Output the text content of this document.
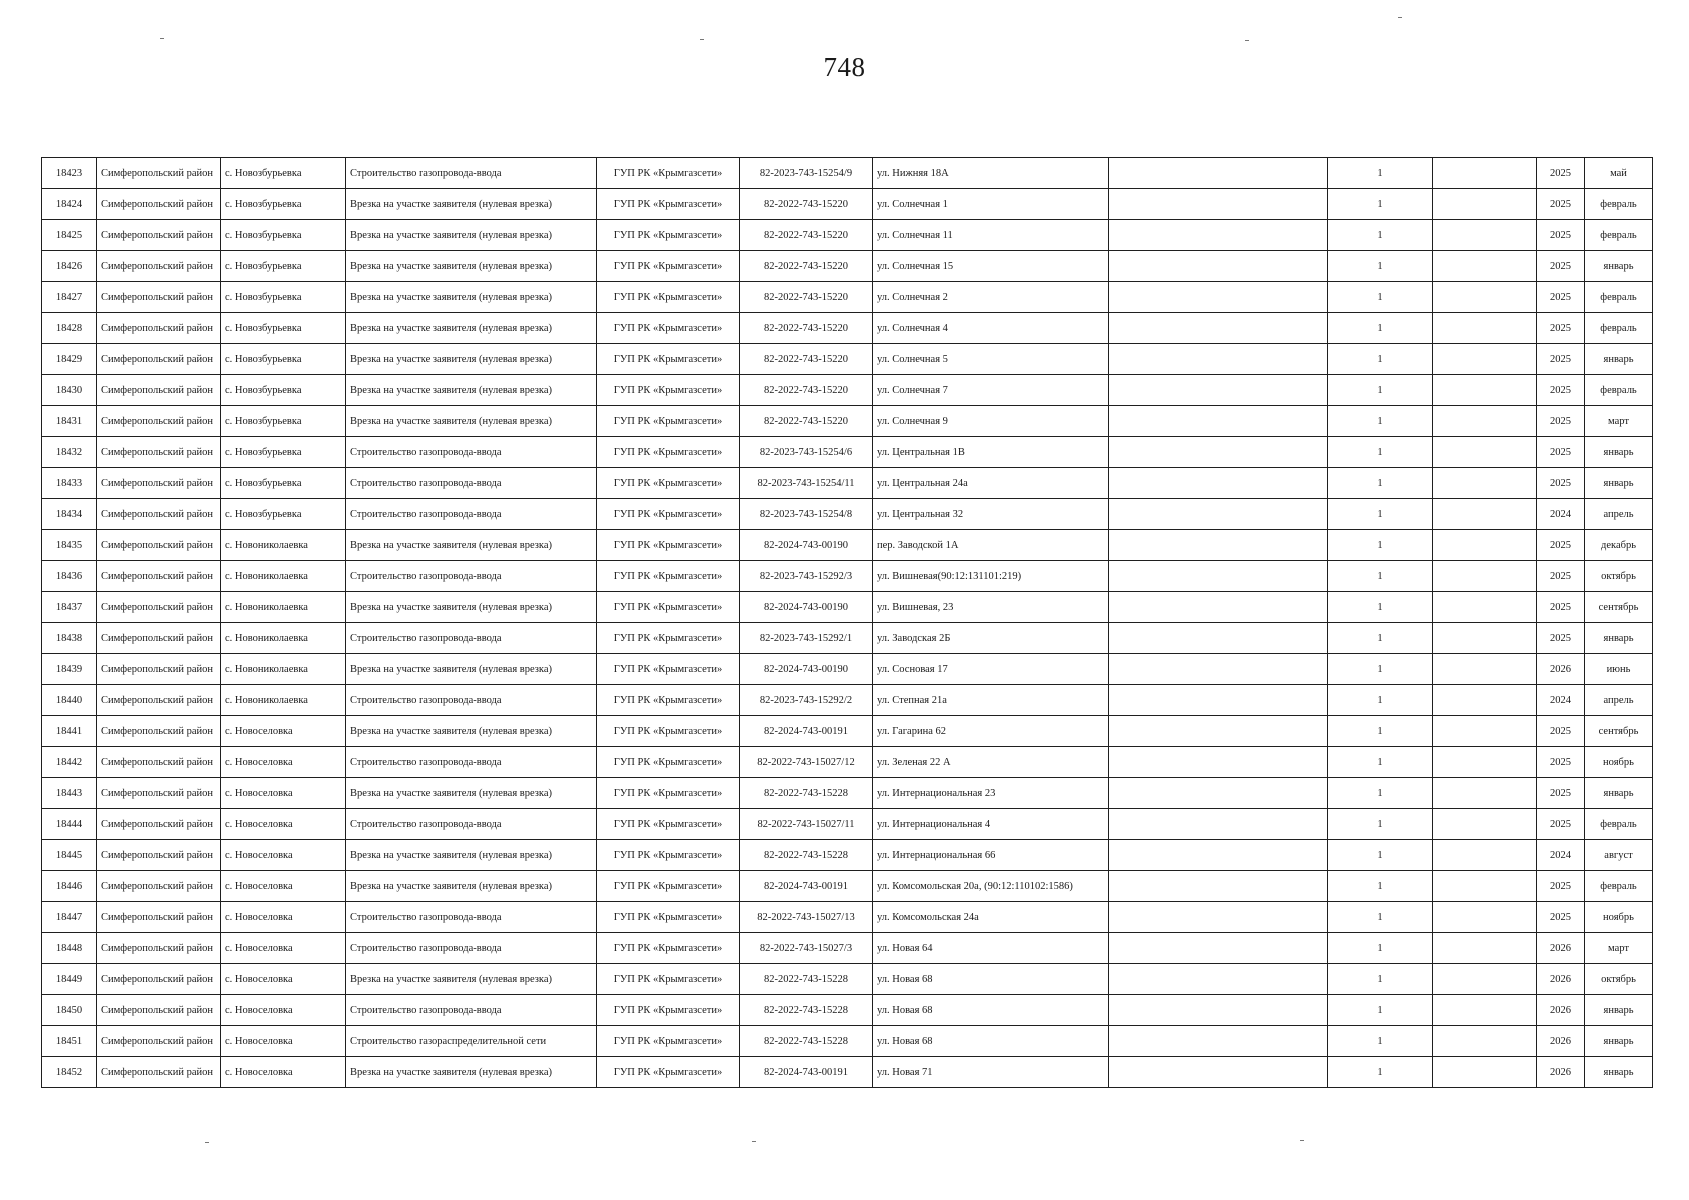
748
18423	Симферопольский район	с. Новозбурьевка	Строительство газопровода-ввода	ГУП РК «Крымгазсети»	82-2023-743-15254/9	ул. Нижняя 18А		1		2025	май
18424	Симферопольский район	с. Новозбурьевка	Врезка на участке заявителя (нулевая врезка)	ГУП РК «Крымгазсети»	82-2022-743-15220	ул. Солнечная 1		1		2025	февраль
18425	Симферопольский район	с. Новозбурьевка	Врезка на участке заявителя (нулевая врезка)	ГУП РК «Крымгазсети»	82-2022-743-15220	ул. Солнечная 11		1		2025	февраль
18426	Симферопольский район	с. Новозбурьевка	Врезка на участке заявителя (нулевая врезка)	ГУП РК «Крымгазсети»	82-2022-743-15220	ул. Солнечная 15		1		2025	январь
18427	Симферопольский район	с. Новозбурьевка	Врезка на участке заявителя (нулевая врезка)	ГУП РК «Крымгазсети»	82-2022-743-15220	ул. Солнечная 2		1		2025	февраль
18428	Симферопольский район	с. Новозбурьевка	Врезка на участке заявителя (нулевая врезка)	ГУП РК «Крымгазсети»	82-2022-743-15220	ул. Солнечная 4		1		2025	февраль
18429	Симферопольский район	с. Новозбурьевка	Врезка на участке заявителя (нулевая врезка)	ГУП РК «Крымгазсети»	82-2022-743-15220	ул. Солнечная 5		1		2025	январь
18430	Симферопольский район	с. Новозбурьевка	Врезка на участке заявителя (нулевая врезка)	ГУП РК «Крымгазсети»	82-2022-743-15220	ул. Солнечная 7		1		2025	февраль
18431	Симферопольский район	с. Новозбурьевка	Врезка на участке заявителя (нулевая врезка)	ГУП РК «Крымгазсети»	82-2022-743-15220	ул. Солнечная 9		1		2025	март
18432	Симферопольский район	с. Новозбурьевка	Строительство газопровода-ввода	ГУП РК «Крымгазсети»	82-2023-743-15254/6	ул. Центральная 1В		1		2025	январь
18433	Симферопольский район	с. Новозбурьевка	Строительство газопровода-ввода	ГУП РК «Крымгазсети»	82-2023-743-15254/11	ул. Центральная 24а		1		2025	январь
18434	Симферопольский район	с. Новозбурьевка	Строительство газопровода-ввода	ГУП РК «Крымгазсети»	82-2023-743-15254/8	ул. Центральная 32		1		2024	апрель
18435	Симферопольский район	с. Новониколаевка	Врезка на участке заявителя (нулевая врезка)	ГУП РК «Крымгазсети»	82-2024-743-00190	пер. Заводской 1А		1		2025	декабрь
18436	Симферопольский район	с. Новониколаевка	Строительство газопровода-ввода	ГУП РК «Крымгазсети»	82-2023-743-15292/3	ул. Вишневая(90:12:131101:219)		1		2025	октябрь
18437	Симферопольский район	с. Новониколаевка	Врезка на участке заявителя (нулевая врезка)	ГУП РК «Крымгазсети»	82-2024-743-00190	ул. Вишневая, 23		1		2025	сентябрь
18438	Симферопольский район	с. Новониколаевка	Строительство газопровода-ввода	ГУП РК «Крымгазсети»	82-2023-743-15292/1	ул. Заводская 2Б		1		2025	январь
18439	Симферопольский район	с. Новониколаевка	Врезка на участке заявителя (нулевая врезка)	ГУП РК «Крымгазсети»	82-2024-743-00190	ул. Сосновая 17		1		2026	июнь
18440	Симферопольский район	с. Новониколаевка	Строительство газопровода-ввода	ГУП РК «Крымгазсети»	82-2023-743-15292/2	ул. Степная 21а		1		2024	апрель
18441	Симферопольский район	с. Новоселовка	Врезка на участке заявителя (нулевая врезка)	ГУП РК «Крымгазсети»	82-2024-743-00191	ул. Гагарина 62		1		2025	сентябрь
18442	Симферопольский район	с. Новоселовка	Строительство газопровода-ввода	ГУП РК «Крымгазсети»	82-2022-743-15027/12	ул. Зеленая 22 А		1		2025	ноябрь
18443	Симферопольский район	с. Новоселовка	Врезка на участке заявителя (нулевая врезка)	ГУП РК «Крымгазсети»	82-2022-743-15228	ул. Интернациональная 23		1		2025	январь
18444	Симферопольский район	с. Новоселовка	Строительство газопровода-ввода	ГУП РК «Крымгазсети»	82-2022-743-15027/11	ул. Интернациональная 4		1		2025	февраль
18445	Симферопольский район	с. Новоселовка	Врезка на участке заявителя (нулевая врезка)	ГУП РК «Крымгазсети»	82-2022-743-15228	ул. Интернациональная 66		1		2024	август
18446	Симферопольский район	с. Новоселовка	Врезка на участке заявителя (нулевая врезка)	ГУП РК «Крымгазсети»	82-2024-743-00191	ул. Комсомольская 20а, (90:12:110102:1586)		1		2025	февраль
18447	Симферопольский район	с. Новоселовка	Строительство газопровода-ввода	ГУП РК «Крымгазсети»	82-2022-743-15027/13	ул. Комсомольская 24а		1		2025	ноябрь
18448	Симферопольский район	с. Новоселовка	Строительство газопровода-ввода	ГУП РК «Крымгазсети»	82-2022-743-15027/3	ул. Новая 64		1		2026	март
18449	Симферопольский район	с. Новоселовка	Врезка на участке заявителя (нулевая врезка)	ГУП РК «Крымгазсети»	82-2022-743-15228	ул. Новая 68		1		2026	октябрь
18450	Симферопольский район	с. Новоселовка	Строительство газопровода-ввода	ГУП РК «Крымгазсети»	82-2022-743-15228	ул. Новая 68		1		2026	январь
18451	Симферопольский район	с. Новоселовка	Строительство газораспределительной сети	ГУП РК «Крымгазсети»	82-2022-743-15228	ул. Новая 68		1		2026	январь
18452	Симферопольский район	с. Новоселовка	Врезка на участке заявителя (нулевая врезка)	ГУП РК «Крымгазсети»	82-2024-743-00191	ул. Новая 71		1		2026	январь
